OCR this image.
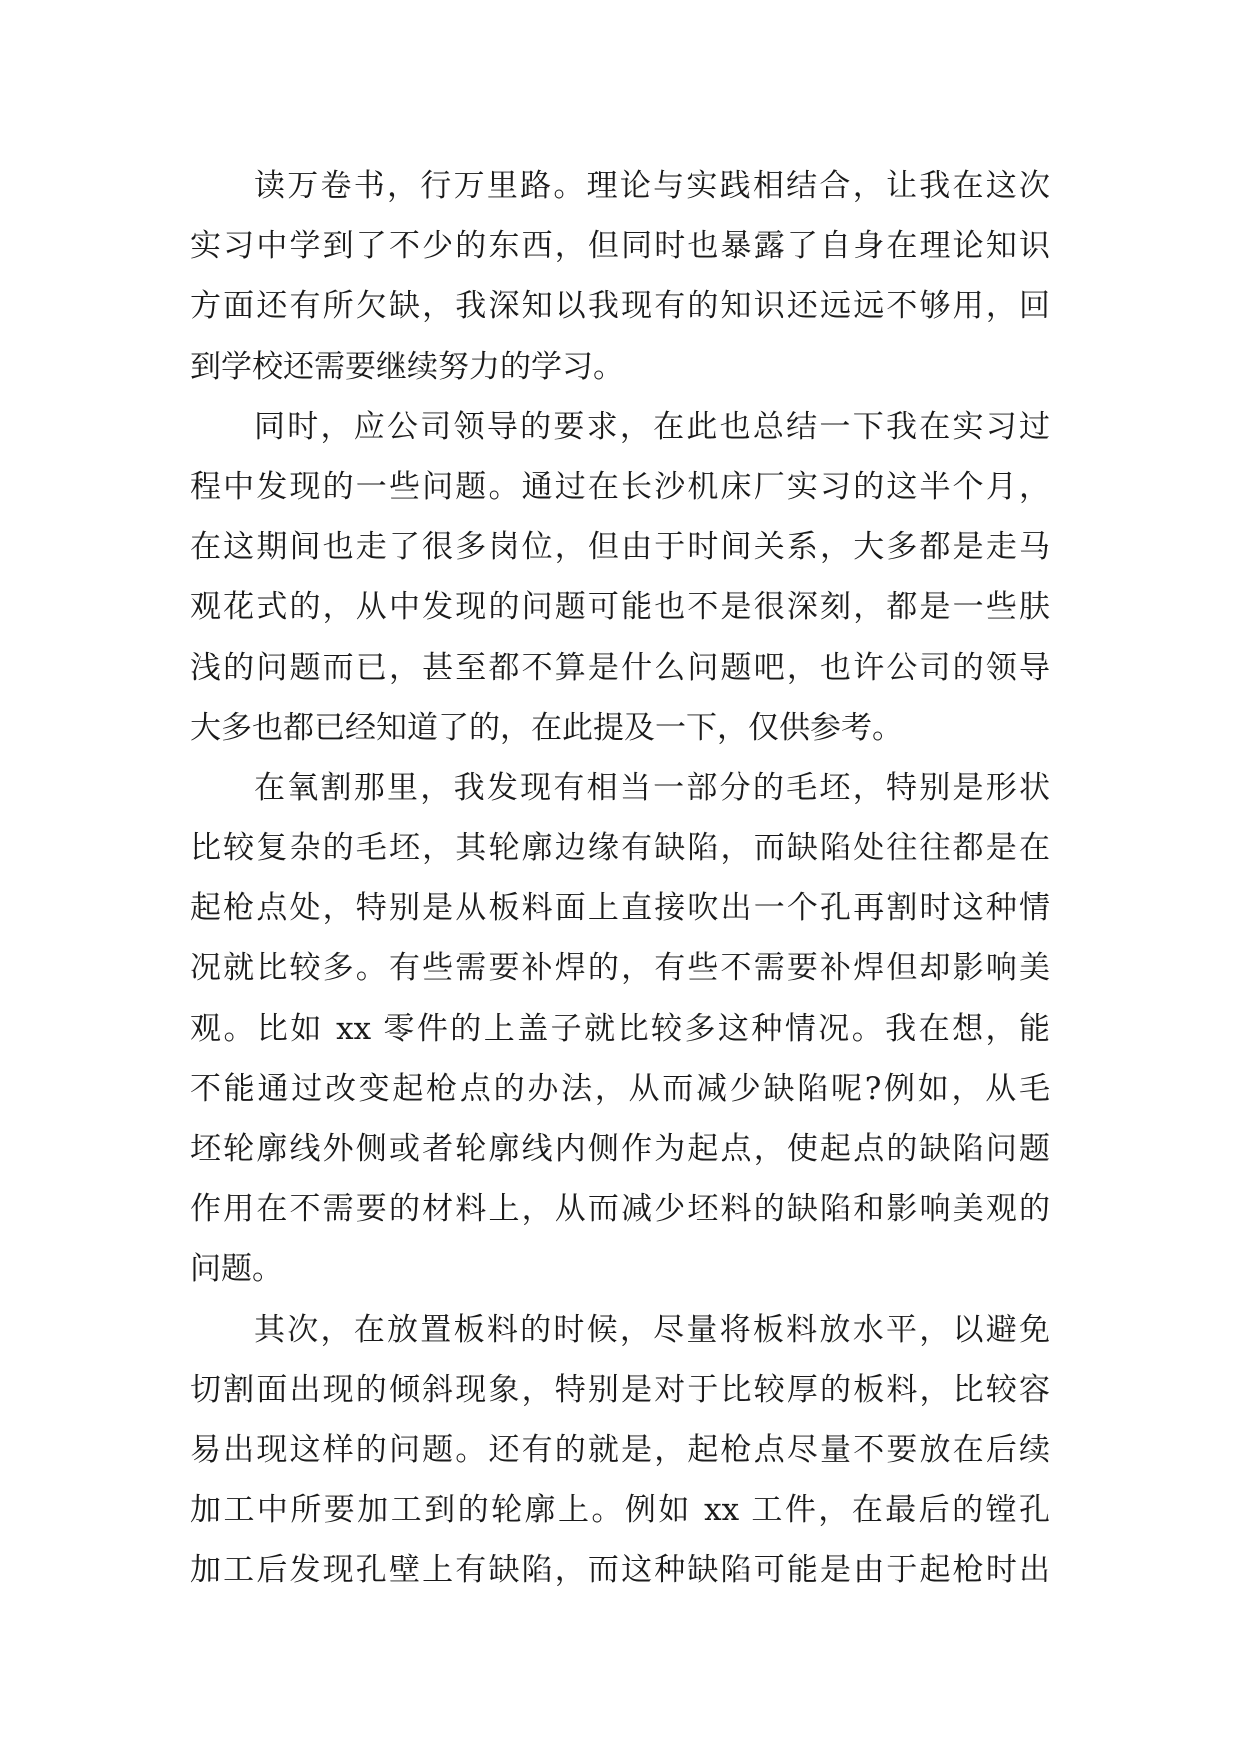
读万卷书，行万里路。理论与实践相结合，让我在这次
实习中学到了不少的东西，但同时也暴露了自身在理论知识
方面还有所欠缺，我深知以我现有的知识还远远不够用，回
到学校还需要继续努力的学习。
同时，应公司领导的要求，在此也总结一下我在实习过
程中发现的一些问题。通过在长沙机床厂实习的这半个月，
在这期间也走了很多岗位，但由于时间关系，大多都是走马
观花式的，从中发现的问题可能也不是很深刻，都是一些肤
浅的问题而已，甚至都不算是什么问题吧，也许公司的领导
大多也都已经知道了的，在此提及一下，仅供参考。
在氧割那里，我发现有相当一部分的毛坯，特别是形状
比较复杂的毛坯，其轮廓边缘有缺陷，而缺陷处往往都是在
起枪点处，特别是从板料面上直接吹出一个孔再割时这种情
况就比较多。有些需要补焊的，有些不需要补焊但却影响美
观。比如 xx 零件的上盖子就比较多这种情况。我在想，能
不能通过改变起枪点的办法，从而减少缺陷呢?例如，从毛
坯轮廓线外侧或者轮廓线内侧作为起点，使起点的缺陷问题
作用在不需要的材料上，从而减少坯料的缺陷和影响美观的
问题。
其次，在放置板料的时候，尽量将板料放水平，以避免
切割面出现的倾斜现象，特别是对于比较厚的板料，比较容
易出现这样的问题。还有的就是，起枪点尽量不要放在后续
加工中所要加工到的轮廓上。例如 xx 工件，在最后的镗孔
加工后发现孔壁上有缺陷，而这种缺陷可能是由于起枪时出
